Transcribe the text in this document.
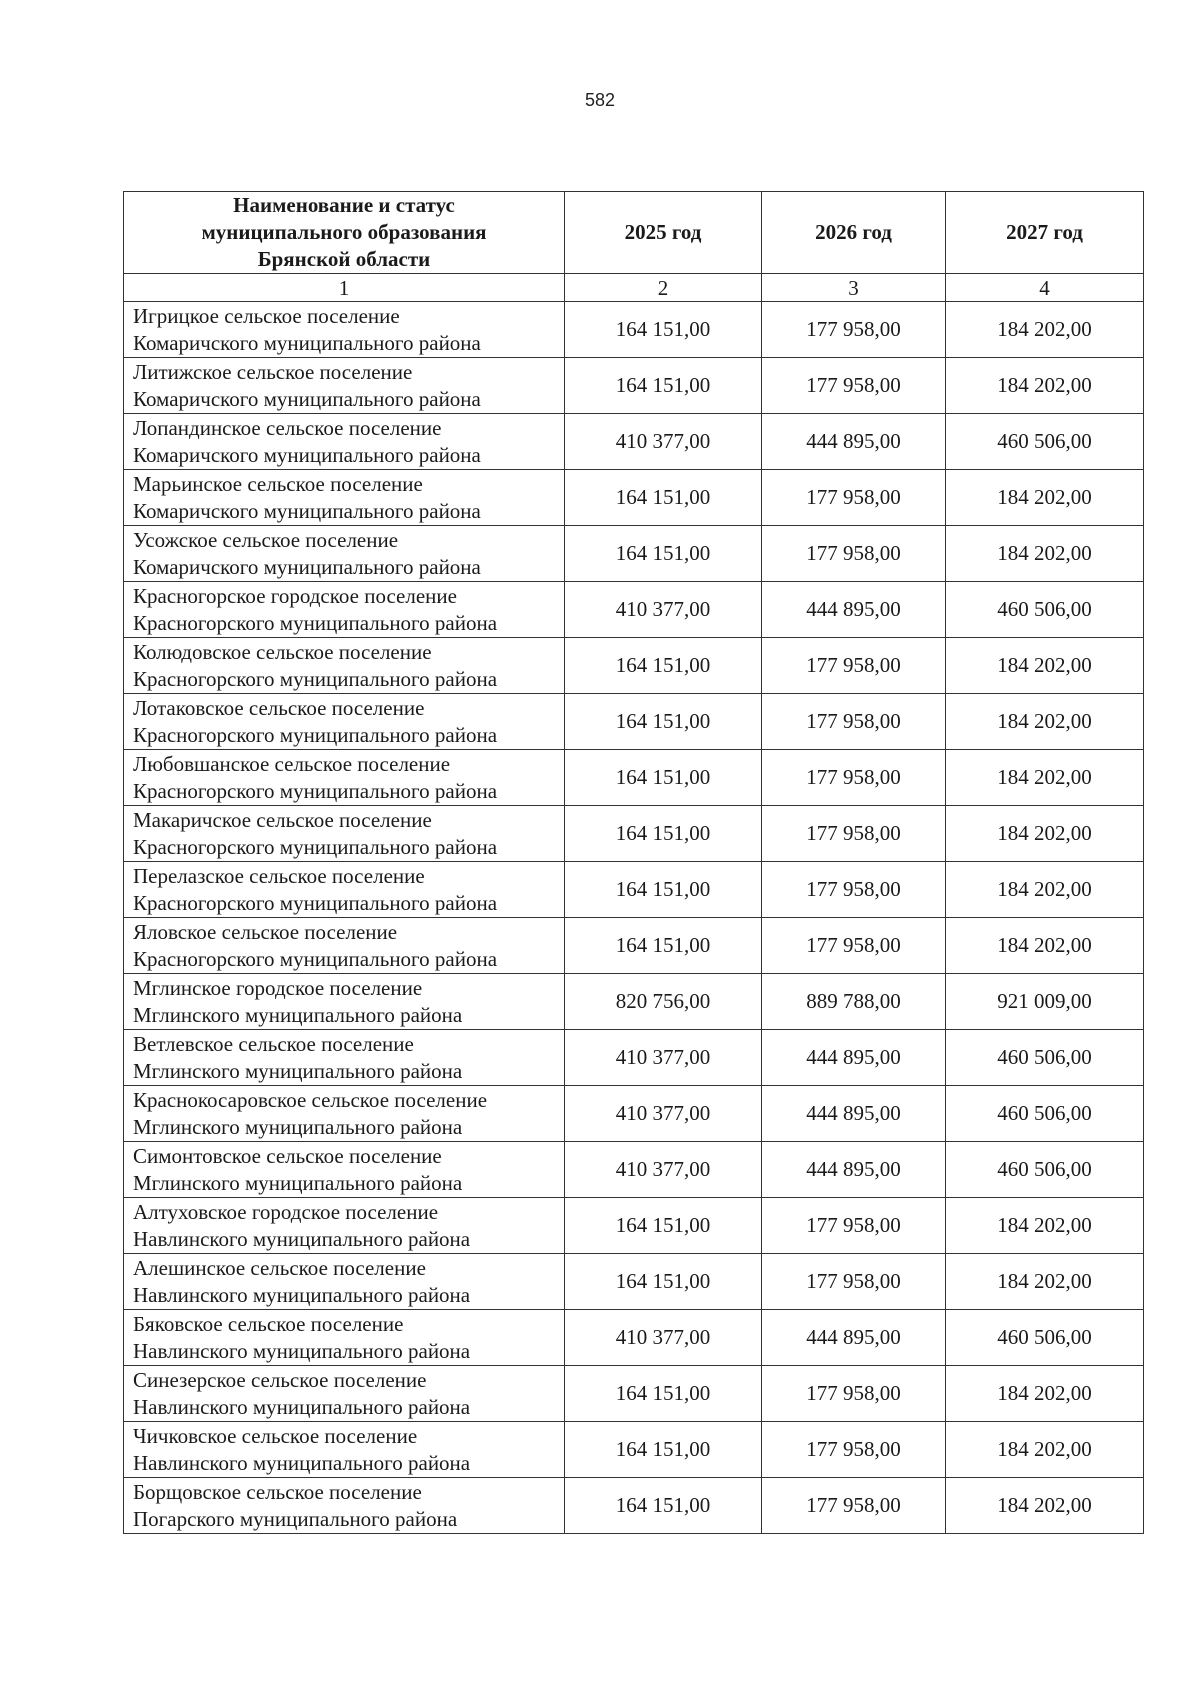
582
Наименование и статус
муниципального образования
Брянской области	2025 год	2026 год	2027 год
1	2	3	4

Игрицкое сельское поселение
Комаричского муниципального района	164 151,00	177 958,00	184 202,00

Литижское сельское поселение
Комаричского муниципального района	164 151,00	177 958,00	184 202,00

Лопандинское сельское поселение
Комаричского муниципального района	410 377,00	444 895,00	460 506,00

Марьинское сельское поселение
Комаричского муниципального района	164 151,00	177 958,00	184 202,00

Усожское сельское поселение
Комаричского муниципального района	164 151,00	177 958,00	184 202,00

Красногорское городское поселение
Красногорского муниципального района	410 377,00	444 895,00	460 506,00

Колюдовское сельское поселение
Красногорского муниципального района	164 151,00	177 958,00	184 202,00

Лотаковское сельское поселение
Красногорского муниципального района	164 151,00	177 958,00	184 202,00

Любовшанское сельское поселение
Красногорского муниципального района	164 151,00	177 958,00	184 202,00

Макаричское сельское поселение
Красногорского муниципального района	164 151,00	177 958,00	184 202,00

Перелазское сельское поселение
Красногорского муниципального района	164 151,00	177 958,00	184 202,00

Яловское сельское поселение
Красногорского муниципального района	164 151,00	177 958,00	184 202,00

Мглинское городское поселение
Мглинского муниципального района	820 756,00	889 788,00	921 009,00

Ветлевское сельское поселение
Мглинского муниципального района	410 377,00	444 895,00	460 506,00

Краснокосаровское сельское поселение
Мглинского муниципального района	410 377,00	444 895,00	460 506,00

Симонтовское сельское поселение
Мглинского муниципального района	410 377,00	444 895,00	460 506,00

Алтуховское городское поселение
Навлинского муниципального района	164 151,00	177 958,00	184 202,00

Алешинское сельское поселение
Навлинского муниципального района	164 151,00	177 958,00	184 202,00

Бяковское сельское поселение
Навлинского муниципального района	410 377,00	444 895,00	460 506,00

Синезерское сельское поселение
Навлинского муниципального района	164 151,00	177 958,00	184 202,00

Чичковское сельское поселение
Навлинского муниципального района	164 151,00	177 958,00	184 202,00

Борщовское сельское поселение
Погарского муниципального района	164 151,00	177 958,00	184 202,00
